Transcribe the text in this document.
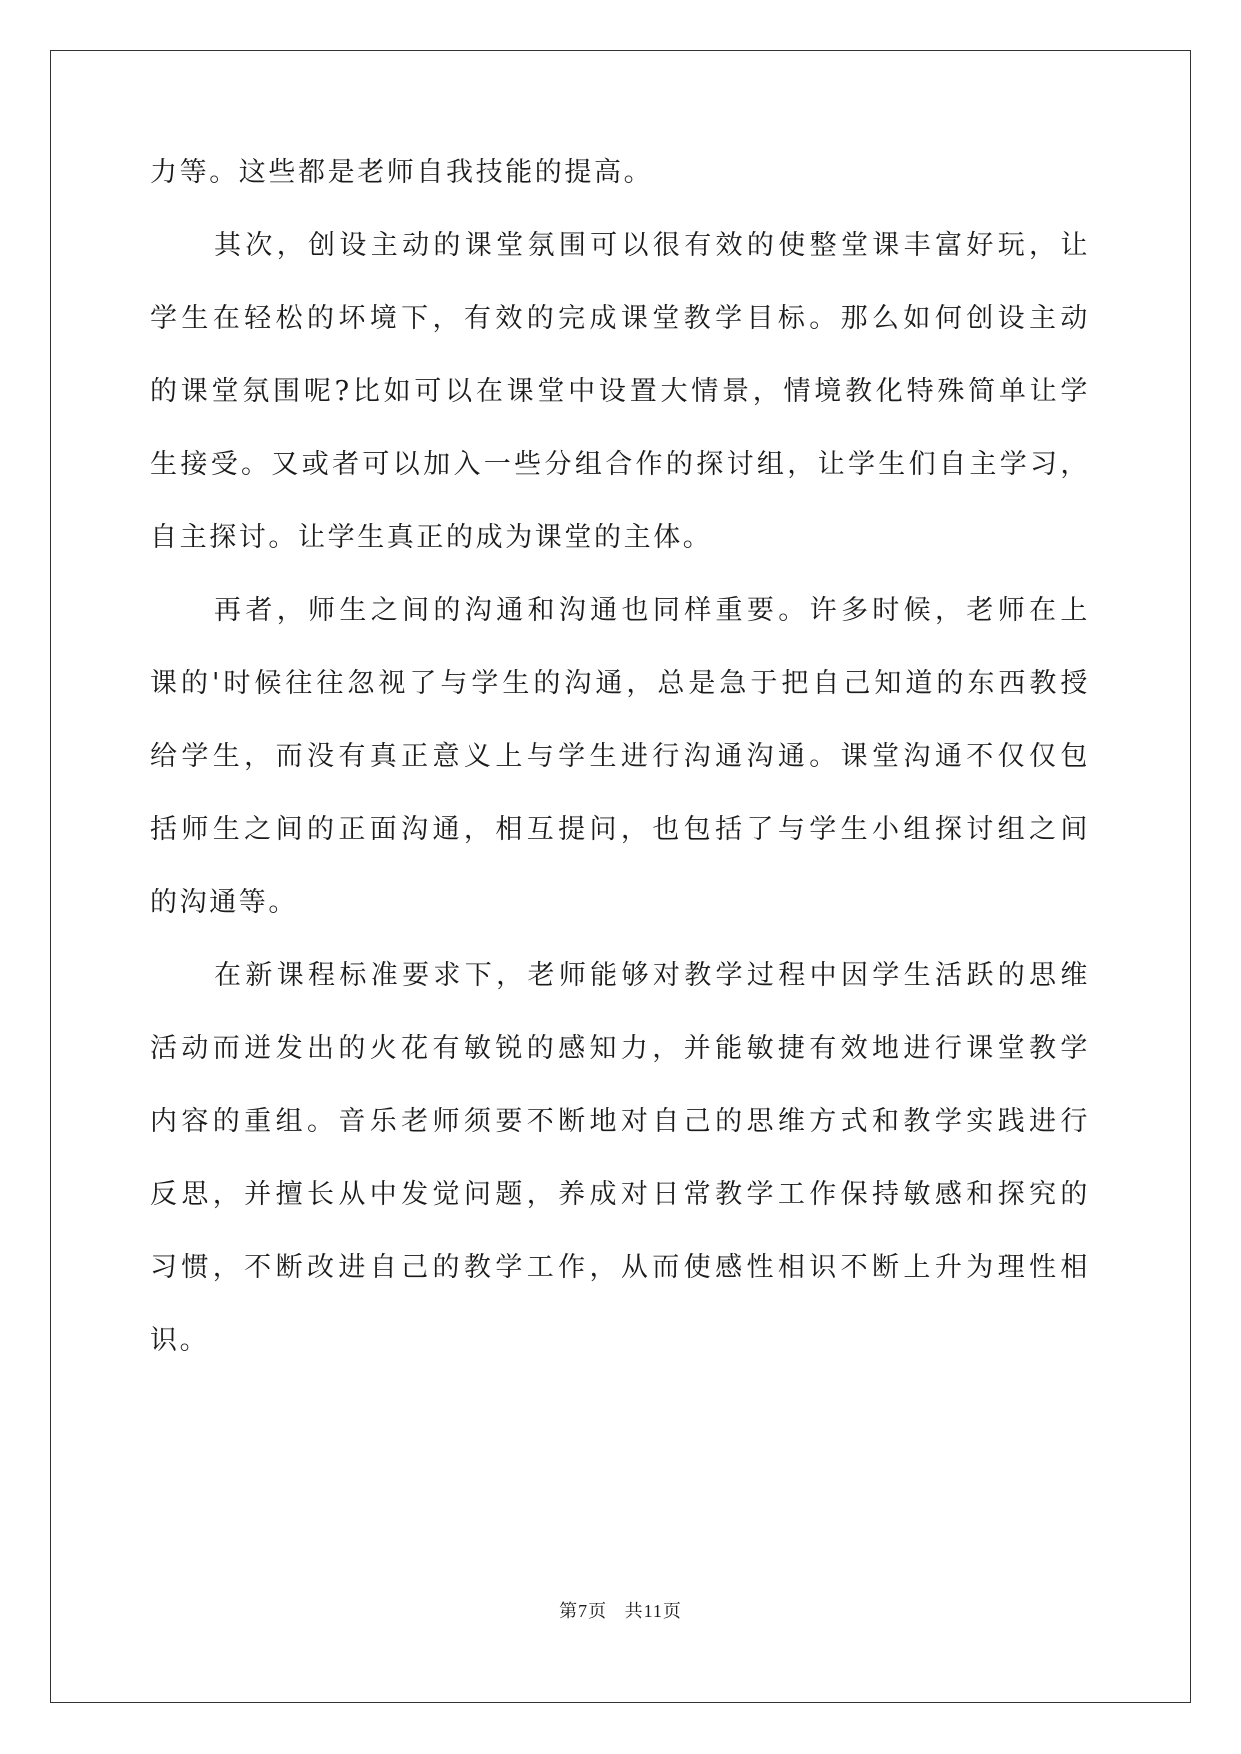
力等。这些都是老师自我技能的提高。

其次，创设主动的课堂氛围可以很有效的使整堂课丰富好玩，让

学生在轻松的坏境下，有效的完成课堂教学目标。那么如何创设主动

的课堂氛围呢?比如可以在课堂中设置大情景，情境教化特殊简单让学

生接受。又或者可以加入一些分组合作的探讨组，让学生们自主学习，

自主探讨。让学生真正的成为课堂的主体。

再者，师生之间的沟通和沟通也同样重要。许多时候，老师在上

课的'时候往往忽视了与学生的沟通，总是急于把自己知道的东西教授

给学生，而没有真正意义上与学生进行沟通沟通。课堂沟通不仅仅包

括师生之间的正面沟通，相互提问，也包括了与学生小组探讨组之间

的沟通等。

在新课程标准要求下，老师能够对教学过程中因学生活跃的思维

活动而迸发出的火花有敏锐的感知力，并能敏捷有效地进行课堂教学

内容的重组。音乐老师须要不断地对自己的思维方式和教学实践进行

反思，并擅长从中发觉问题，养成对日常教学工作保持敏感和探究的

习惯，不断改进自己的教学工作，从而使感性相识不断上升为理性相

识。

第7页 共11页
